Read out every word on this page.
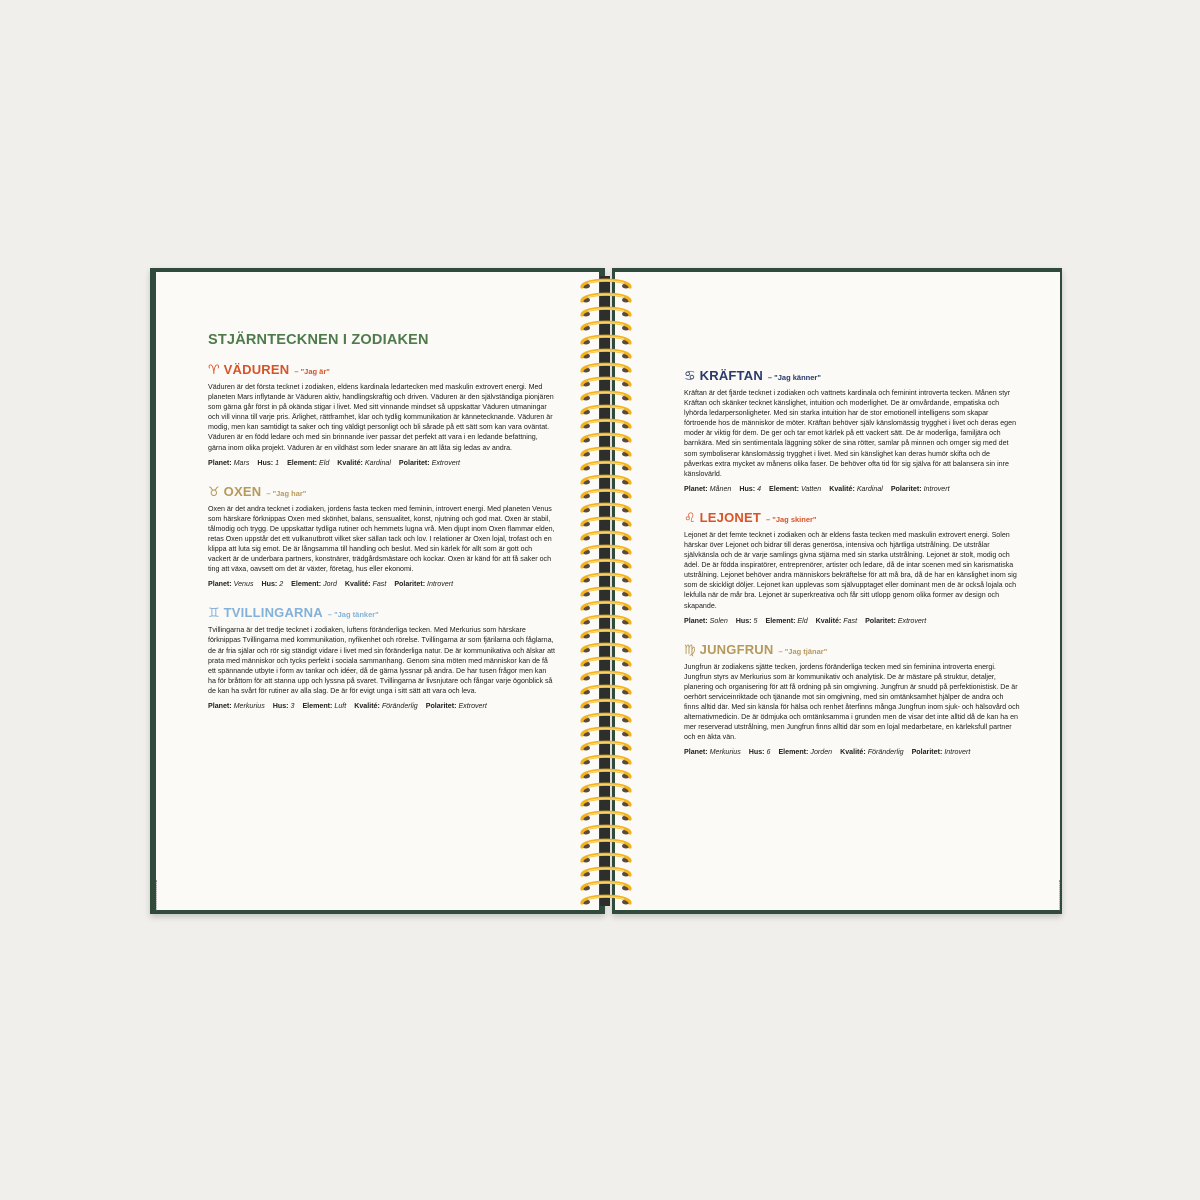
STJÄRNTECKNEN I ZODIAKEN
♈ VÄDUREN – "Jag är"

Väduren är det första tecknet i zodiaken, eldens kardinala ledartecken med maskulin extrovert energi. Med planeten Mars inflytande är Väduren aktiv, handlingskraftig och driven. Väduren är den självständiga pionjären som gärna går först in på okända stigar i livet. Med sitt vinnande mindset så uppskattar Väduren utmaningar och vill vinna till varje pris. Ärlighet, rättframhet, klar och tydlig kommunikation är kännetecknande. Väduren är modig, men kan samtidigt ta saker och ting väldigt personligt och bli sårade på ett sätt som kan vara oväntat. Väduren är en född ledare och med sin brinnande iver passar det perfekt att vara i en ledande befattning, gärna inom olika projekt. Väduren är en vildhäst som leder snarare än att låta sig ledas av andra.

Planet: Mars Hus: 1 Element: Eld Kvalité: Kardinal Polaritet: Extrovert
♉ OXEN – "Jag har"

Oxen är det andra tecknet i zodiaken, jordens fasta tecken med feminin, introvert energi. Med planeten Venus som härskare förknippas Oxen med skönhet, balans, sensualitet, konst, njutning och god mat. Oxen är stabil, tålmodig och trygg. De uppskattar tydliga rutiner och hemmets lugna vrå. Men djupt inom Oxen flammar elden, retas Oxen uppstår det ett vulkanutbrott vilket sker sällan tack och lov. I relationer är Oxen lojal, trofast och en klippa att luta sig emot. De är långsamma till handling och beslut. Med sin kärlek för allt som är gott och vackert är de underbara partners, konstnärer, trädgårdsmästare och kockar. Oxen är känd för att få saker och ting att växa, oavsett om det är växter, företag, hus eller ekonomi.

Planet: Venus Hus: 2 Element: Jord Kvalité: Fast Polaritet: Introvert
♊ TVILLINGARNA – "Jag tänker"

Tvillingarna är det tredje tecknet i zodiaken, luftens föränderliga tecken. Med Merkurius som härskare förknippas Tvillingarna med kommunikation, nyfikenhet och rörelse. Tvillingarna är som fjärilarna och fåglarna, de är fria själar och rör sig ständigt vidare i livet med sin föränderliga natur. De är kommunikativa och älskar att prata med människor och tycks perfekt i sociala sammanhang. Genom sina möten med människor kan de få ett spännande utbyte i form av tankar och idéer, då de gärna lyssnar på andra. De har tusen frågor men kan ha för bråttom för att stanna upp och lyssna på svaret. Tvillingarna är livsnjutare och fångar varje ögonblick så de kan ha svårt för rutiner av alla slag. De är för evigt unga i sitt sätt att vara och leva.

Planet: Merkurius Hus: 3 Element: Luft Kvalité: Föränderlig Polaritet: Extrovert
♋ KRÄFTAN – "Jag känner"

Kräftan är det fjärde tecknet i zodiaken och vattnets kardinala och feminint introverta tecken. Månen styr Kräftan och skänker tecknet känslighet, intuition och moderlighet. De är omvårdande, empatiska och lyhörda ledarpersonligheter. Med sin starka intuition har de stor emotionell intelligens som skapar förtroende hos de människor de möter. Kräftan behöver själv känslomässig trygghet i livet och deras egen moder är viktig för dem. De ger och tar emot kärlek på ett vackert sätt. De är moderliga, familjära och barnkära. Med sin sentimentala läggning söker de sina rötter, samlar på minnen och omger sig med det som symboliserar känslomässig trygghet i livet. Med sin känslighet kan deras humör skifta och de påverkas extra mycket av månens olika faser. De behöver ofta tid för sig själva för att balansera sin inre känslovärld.

Planet: Månen Hus: 4 Element: Vatten Kvalité: Kardinal Polaritet: Introvert
♌ LEJONET – "Jag skiner"

Lejonet är det femte tecknet i zodiaken och är eldens fasta tecken med maskulin extrovert energi. Solen härskar över Lejonet och bidrar till deras generösa, intensiva och hjärtliga utstrålning. De utstrålar självkänsla och de är varje samlings givna stjärna med sin starka utstrålning. Lejonet är stolt, modig och ädel. De är födda inspiratörer, entreprenörer, artister och ledare, då de intar scenen med sin karismatiska utstrålning. Lejonet behöver andra människors bekräftelse för att må bra, då de har en känslighet inom sig som de skickligt döljer. Lejonet kan upplevas som självupptaget eller dominant men de är också lojala och lekfulla när de mår bra. Lejonet är superkreativa och får sitt utlopp genom olika former av design och skapande.

Planet: Solen Hus: 5 Element: Eld Kvalité: Fast Polaritet: Extrovert
♍ JUNGFRUN – "Jag tjänar"

Jungfrun är zodiakens sjätte tecken, jordens föränderliga tecken med sin feminina introverta energi. Jungfrun styrs av Merkurius som är kommunikativ och analytisk. De är mästare på struktur, detaljer, planering och organisering för att få ordning på sin omgivning. Jungfrun är snudd på perfektionistisk. De är oerhört serviceinriktade och tjänande mot sin omgivning, med sin omtänksamhet hjälper de andra och finns alltid där. Med sin känsla för hälsa och renhet återfinns många Jungfrun inom sjuk- och hälsovård och alternativmedicin. De är ödmjuka och omtänksamma i grunden men de visar det inte alltid då de kan ha en mer reserverad utstrålning, men Jungfrun finns alltid där som en lojal medarbetare, en kärleksfull partner och en äkta vän.

Planet: Merkurius Hus: 6 Element: Jorden Kvalité: Föränderlig Polaritet: Introvert
